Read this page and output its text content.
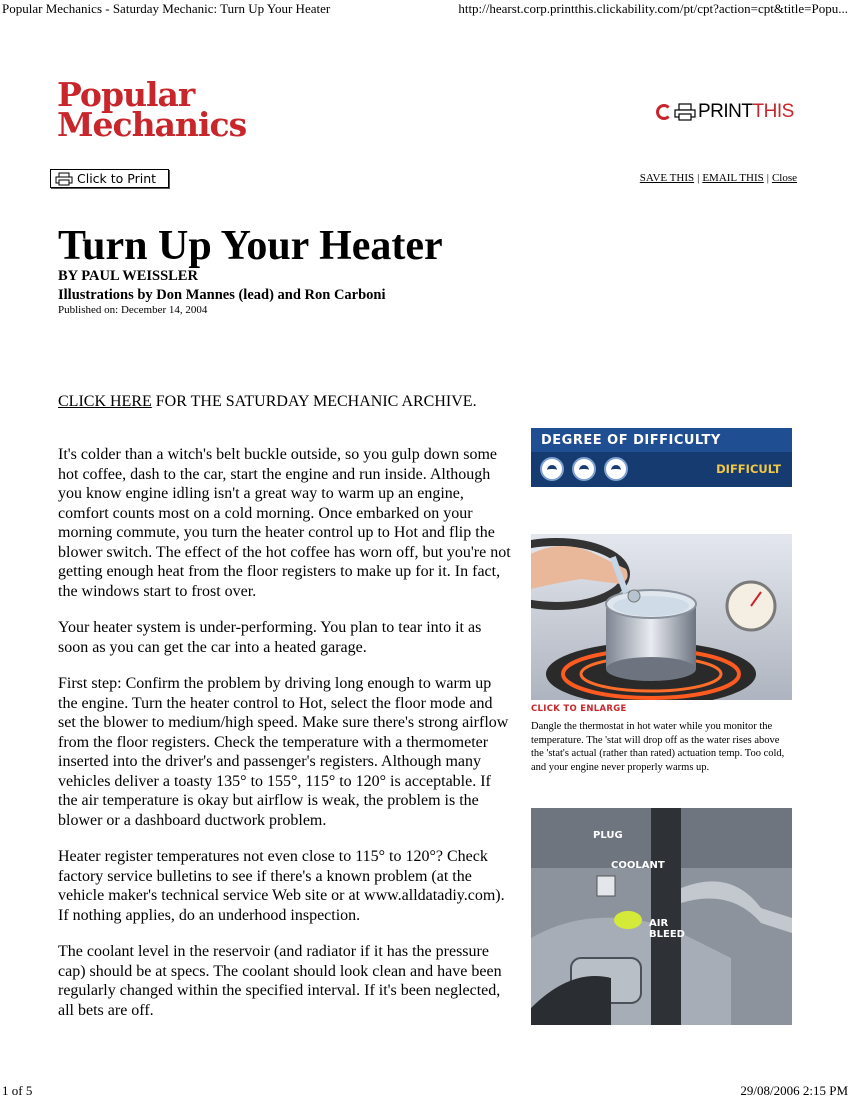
Popular Mechanics - Saturday Mechanic: Turn Up Your Heater	http://hearst.corp.printthis.clickability.com/pt/cpt?action=cpt&title=Popu...
Popular
Mechanics	PRINTTHIS
Click to Print	SAVE THIS | EMAIL THIS | Close
Turn Up Your Heater
BY PAUL WEISSLER
Illustrations by Don Mannes (lead) and Ron Carboni
Published on: December 14, 2004
CLICK HERE FOR THE SATURDAY MECHANIC ARCHIVE.

It's colder than a witch's belt buckle outside, so you gulp down some hot coffee, dash to the car, start the engine and run inside. Although you know engine idling isn't a great way to warm up an engine, comfort counts most on a cold morning. Once embarked on your morning commute, you turn the heater control up to Hot and flip the blower switch. The effect of the hot coffee has worn off, but you're not getting enough heat from the floor registers to make up for it. In fact, the windows start to frost over.

Your heater system is under-performing. You plan to tear into it as soon as you can get the car into a heated garage.

First step: Confirm the problem by driving long enough to warm up the engine. Turn the heater control to Hot, select the floor mode and set the blower to medium/high speed. Make sure there's strong airflow from the floor registers. Check the temperature with a thermometer inserted into the driver's and passenger's registers. Although many vehicles deliver a toasty 135° to 155°, 115° to 120° is acceptable. If the air temperature is okay but airflow is weak, the problem is the blower or a dashboard ductwork problem.

Heater register temperatures not even close to 115° to 120°? Check factory service bulletins to see if there's a known problem (at the vehicle maker's technical service Web site or at www.alldatadiy.com). If nothing applies, do an underhood inspection.

The coolant level in the reservoir (and radiator if it has the pressure cap) should be at specs. The coolant should look clean and have been regularly changed within the specified interval. If it's been neglected, all bets are off.

DEGREE OF DIFFICULTY
DIFFICULT
CLICK TO ENLARGE
Dangle the thermostat in hot water while you monitor the temperature. The 'stat will drop off as the water rises above the 'stat's actual (rather than rated) actuation temp. Too cold, and your engine never properly warms up.
PLUG
COOLANT
AIR
BLEED
1 of 5	29/08/2006 2:15 PM
